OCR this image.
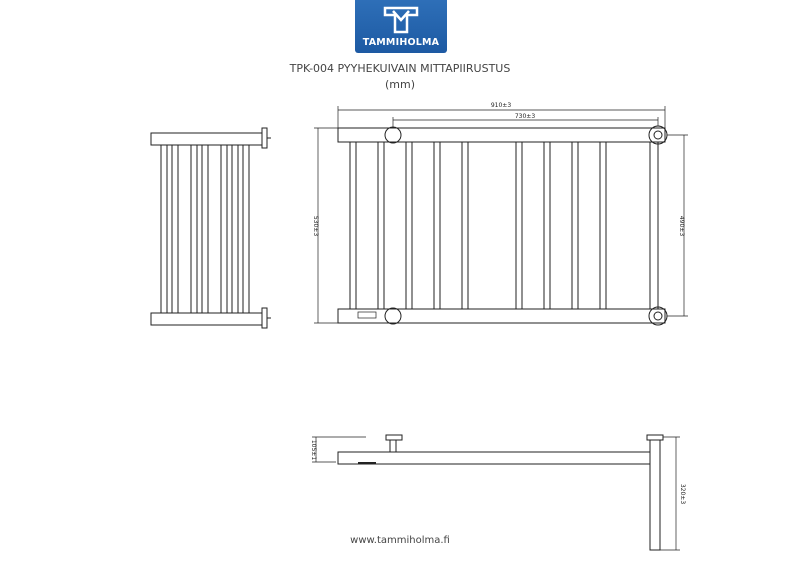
TAMMIHOLMA
TPK-004 PYYHEKUIVAIN MITTAPIIRUSTUS
(mm)
910±3
730±3
530±3	490±3
105±1
320±3
www.tammiholma.fi
